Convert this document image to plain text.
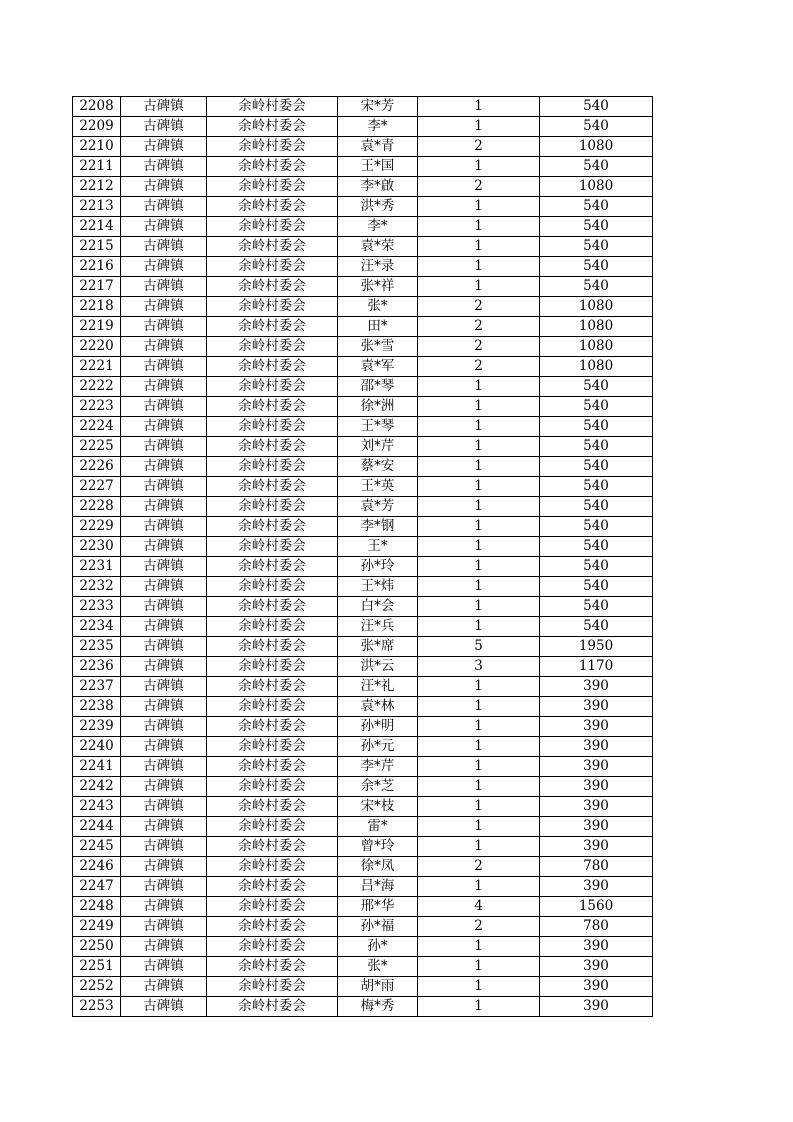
2208	古碑镇	余岭村委会	宋*芳	1	540
2209	古碑镇	余岭村委会	李*	1	540
2210	古碑镇	余岭村委会	袁*青	2	1080
2211	古碑镇	余岭村委会	王*国	1	540
2212	古碑镇	余岭村委会	李*啟	2	1080
2213	古碑镇	余岭村委会	洪*秀	1	540
2214	古碑镇	余岭村委会	李*	1	540
2215	古碑镇	余岭村委会	袁*荣	1	540
2216	古碑镇	余岭村委会	汪*录	1	540
2217	古碑镇	余岭村委会	张*祥	1	540
2218	古碑镇	余岭村委会	张*	2	1080
2219	古碑镇	余岭村委会	田*	2	1080
2220	古碑镇	余岭村委会	张*雪	2	1080
2221	古碑镇	余岭村委会	袁*军	2	1080
2222	古碑镇	余岭村委会	邵*琴	1	540
2223	古碑镇	余岭村委会	徐*洲	1	540
2224	古碑镇	余岭村委会	王*琴	1	540
2225	古碑镇	余岭村委会	刘*芹	1	540
2226	古碑镇	余岭村委会	蔡*安	1	540
2227	古碑镇	余岭村委会	王*英	1	540
2228	古碑镇	余岭村委会	袁*芳	1	540
2229	古碑镇	余岭村委会	李*钢	1	540
2230	古碑镇	余岭村委会	王*	1	540
2231	古碑镇	余岭村委会	孙*玲	1	540
2232	古碑镇	余岭村委会	王*炜	1	540
2233	古碑镇	余岭村委会	白*会	1	540
2234	古碑镇	余岭村委会	汪*兵	1	540
2235	古碑镇	余岭村委会	张*席	5	1950
2236	古碑镇	余岭村委会	洪*云	3	1170
2237	古碑镇	余岭村委会	汪*礼	1	390
2238	古碑镇	余岭村委会	袁*林	1	390
2239	古碑镇	余岭村委会	孙*明	1	390
2240	古碑镇	余岭村委会	孙*元	1	390
2241	古碑镇	余岭村委会	李*芹	1	390
2242	古碑镇	余岭村委会	余*芝	1	390
2243	古碑镇	余岭村委会	宋*枝	1	390
2244	古碑镇	余岭村委会	雷*	1	390
2245	古碑镇	余岭村委会	曾*玲	1	390
2246	古碑镇	余岭村委会	徐*凤	2	780
2247	古碑镇	余岭村委会	吕*海	1	390
2248	古碑镇	余岭村委会	邢*华	4	1560
2249	古碑镇	余岭村委会	孙*福	2	780
2250	古碑镇	余岭村委会	孙*	1	390
2251	古碑镇	余岭村委会	张*	1	390
2252	古碑镇	余岭村委会	胡*雨	1	390
2253	古碑镇	余岭村委会	梅*秀	1	390
